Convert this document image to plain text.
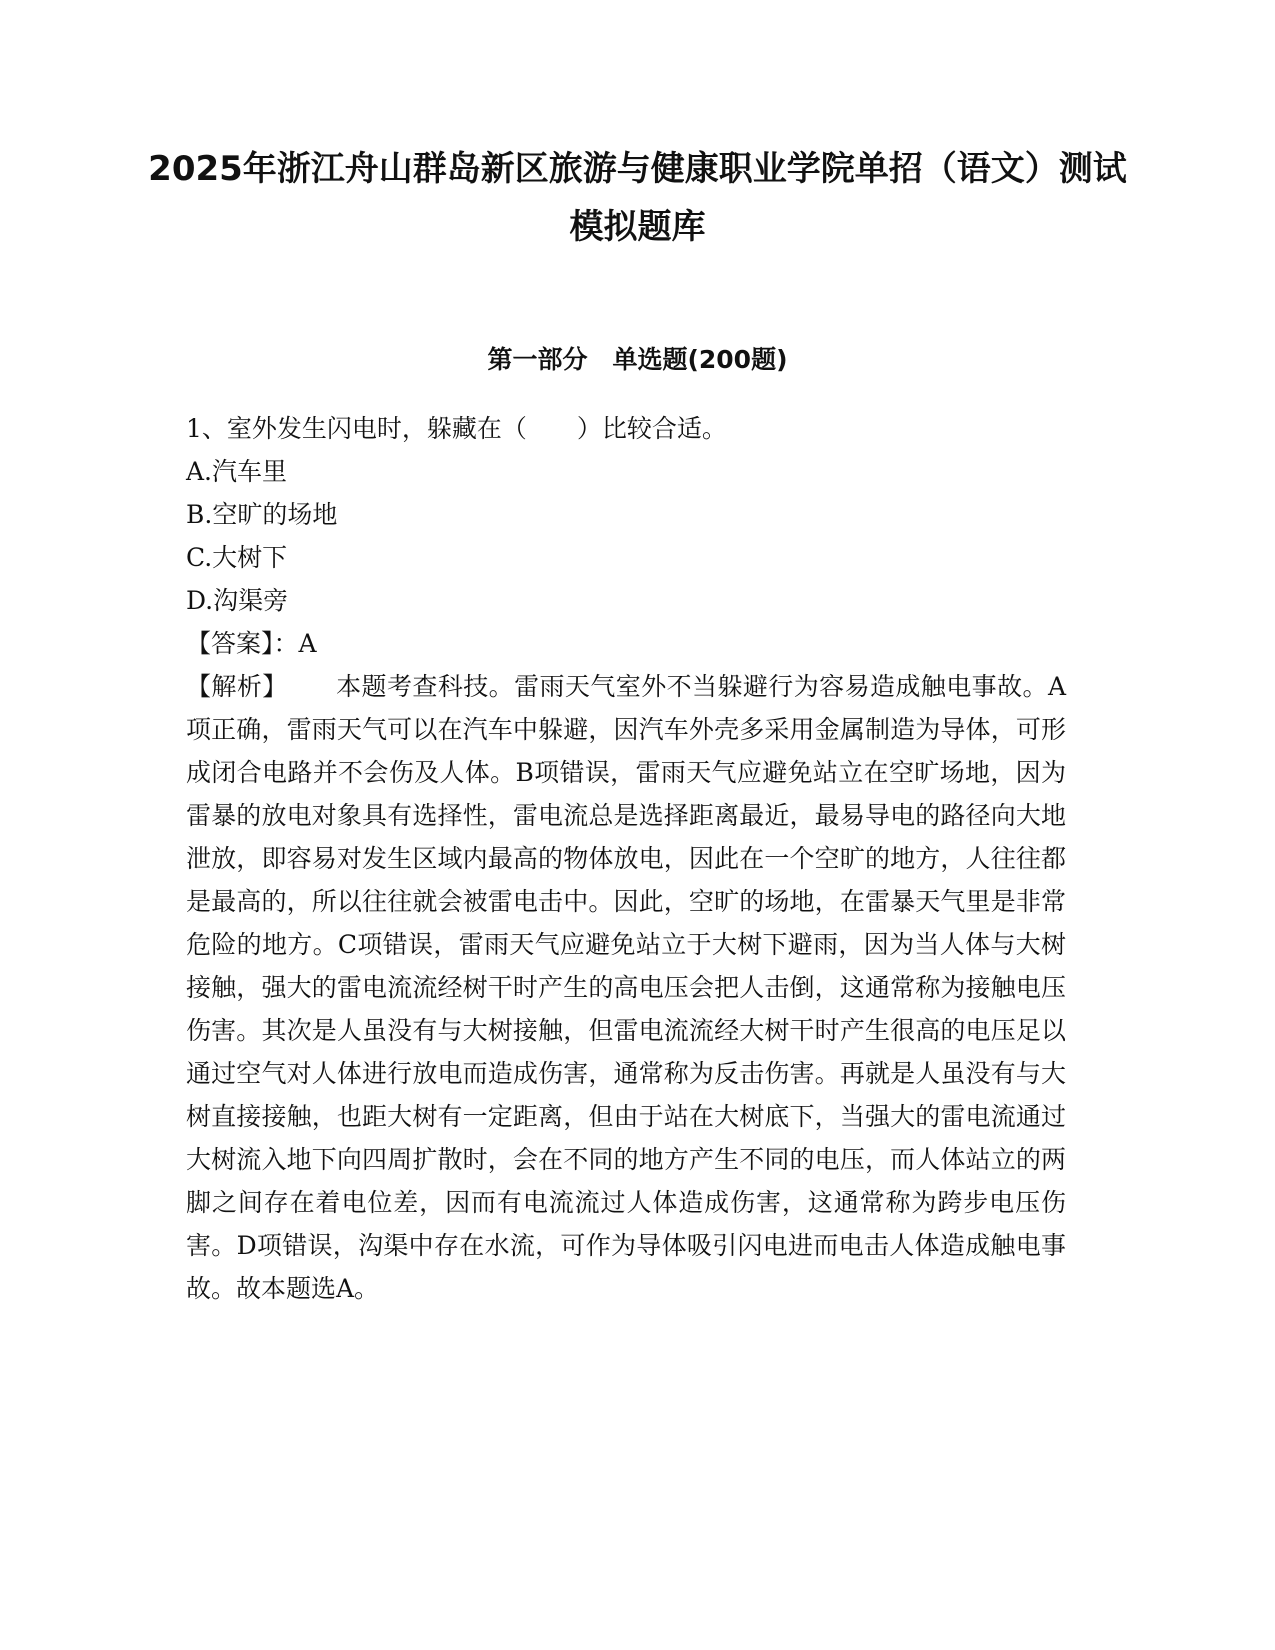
2025年浙江舟山群岛新区旅游与健康职业学院单招（语文）测试模拟题库
第一部分　单选题(200题)
1、室外发生闪电时，躲藏在（　　）比较合适。
A.汽车里
B.空旷的场地
C.大树下
D.沟渠旁
【答案】：A
【解析】 本题考查科技。雷雨天气室外不当躲避行为容易造成触电事故。A项正确，雷雨天气可以在汽车中躲避，因汽车外壳多采用金属制造为导体，可形成闭合电路并不会伤及人体。B项错误，雷雨天气应避免站立在空旷场地，因为雷暴的放电对象具有选择性，雷电流总是选择距离最近，最易导电的路径向大地泄放，即容易对发生区域内最高的物体放电，因此在一个空旷的地方，人往往都是最高的，所以往往就会被雷电击中。因此，空旷的场地，在雷暴天气里是非常危险的地方。C项错误，雷雨天气应避免站立于大树下避雨，因为当人体与大树接触，强大的雷电流流经树干时产生的高电压会把人击倒，这通常称为接触电压伤害。其次是人虽没有与大树接触，但雷电流流经大树干时产生很高的电压足以通过空气对人体进行放电而造成伤害，通常称为反击伤害。再就是人虽没有与大树直接接触，也距大树有一定距离，但由于站在大树底下，当强大的雷电流通过大树流入地下向四周扩散时，会在不同的地方产生不同的电压，而人体站立的两脚之间存在着电位差，因而有电流流过人体造成伤害，这通常称为跨步电压伤害。D项错误，沟渠中存在水流，可作为导体吸引闪电进而电击人体造成触电事故。故本题选A。
